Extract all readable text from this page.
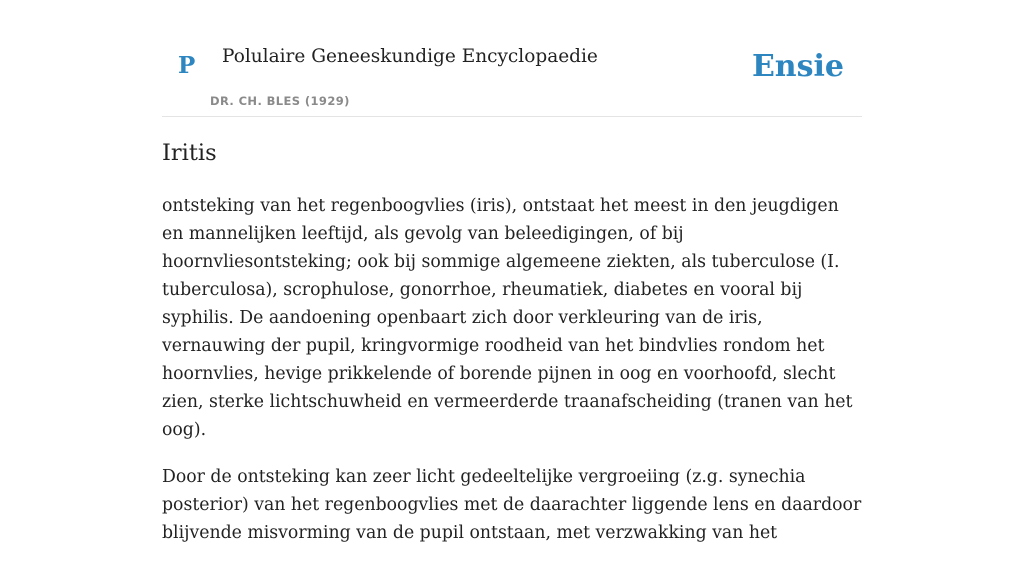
P Polulaire Geneeskundige Encyclopaedie
DR. CH. BLES (1929)
Ensie
Iritis

ontsteking van het regenboogvlies (iris), ontstaat het meest in den jeugdigen en mannelijken leeftijd, als gevolg van beleedigingen, of bij hoornvliesontsteking; ook bij sommige algemeene ziekten, als tuberculose (I. tuberculosa), scrophulose, gonorrhoe, rheumatiek, diabetes en vooral bij syphilis. De aandoening openbaart zich door verkleuring van de iris, vernauwing der pupil, kringvormige roodheid van het bindvlies rondom het hoornvlies, hevige prikkelende of borende pijnen in oog en voorhoofd, slecht zien, sterke lichtschuwheid en vermeerderde traanafscheiding (tranen van het oog).

Door de ontsteking kan zeer licht gedeeltelijke vergroeiing (z.g. synechia posterior) van het regenboogvlies met de daarachter liggende lens en daardoor blijvende misvorming van de pupil ontstaan, met verzwakking van het
